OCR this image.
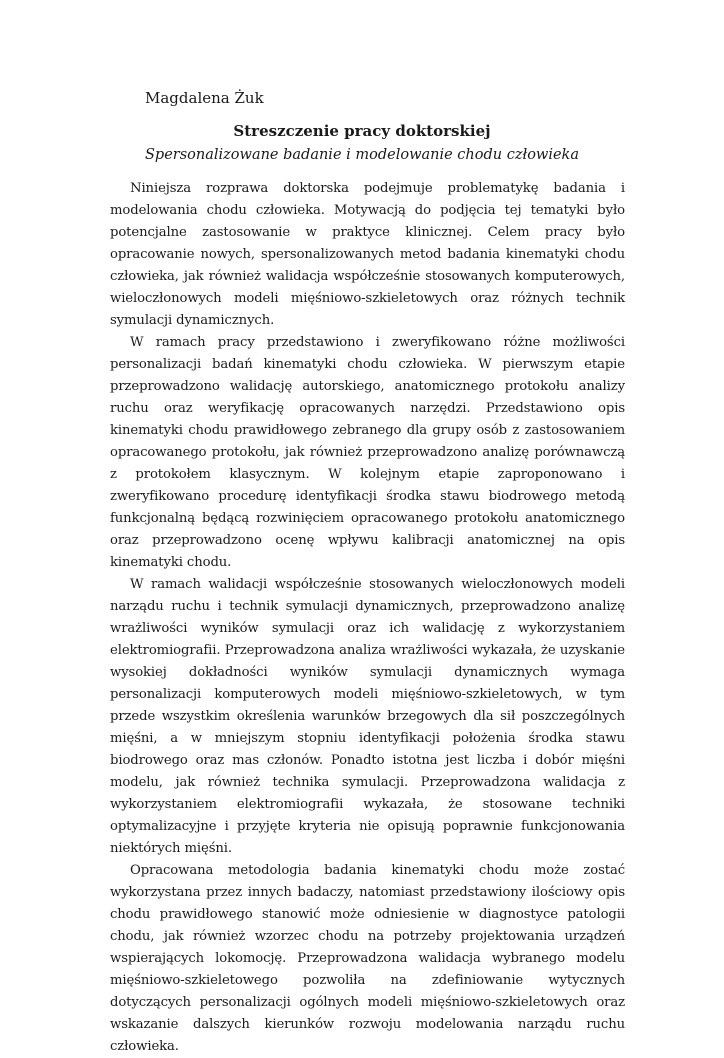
Magdalena Żuk

Streszczenie pracy doktorskiej

Spersonalizowane badanie i modelowanie chodu człowieka

Niniejsza rozprawa doktorska podejmuje problematykę badania i modelowania chodu człowieka. Motywacją do podjęcia tej tematyki było potencjalne zastosowanie w praktyce klinicznej. Celem pracy było opracowanie nowych, spersonalizowanych metod badania kinematyki chodu człowieka, jak również walidacja współcześnie stosowanych komputerowych, wieloczłonowych modeli mięśniowo-szkieletowych oraz różnych technik symulacji dynamicznych.

W ramach pracy przedstawiono i zweryfikowano różne możliwości personalizacji badań kinematyki chodu człowieka. W pierwszym etapie przeprowadzono walidację autorskiego, anatomicznego protokołu analizy ruchu oraz weryfikację opracowanych narzędzi. Przedstawiono opis kinematyki chodu prawidłowego zebranego dla grupy osób z zastosowaniem opracowanego protokołu, jak również przeprowadzono analizę porównawczą z protokołem klasycznym. W kolejnym etapie zaproponowano i zweryfikowano procedurę identyfikacji środka stawu biodrowego metodą funkcjonalną będącą rozwinięciem opracowanego protokołu anatomicznego oraz przeprowadzono ocenę wpływu kalibracji anatomicznej na opis kinematyki chodu.

W ramach walidacji współcześnie stosowanych wieloczłonowych modeli narządu ruchu i technik symulacji dynamicznych, przeprowadzono analizę wrażliwości wyników symulacji oraz ich walidację z wykorzystaniem elektromiografii. Przeprowadzona analiza wrażliwości wykazała, że uzyskanie wysokiej dokładności wyników symulacji dynamicznych wymaga personalizacji komputerowych modeli mięśniowo-szkieletowych, w tym przede wszystkim określenia warunków brzegowych dla sił poszczególnych mięśni, a w mniejszym stopniu identyfikacji położenia środka stawu biodrowego oraz mas członów. Ponadto istotna jest liczba i dobór mięśni modelu, jak również technika symulacji. Przeprowadzona walidacja z wykorzystaniem elektromiografii wykazała, że stosowane techniki optymalizacyjne i przyjęte kryteria nie opisują poprawnie funkcjonowania niektórych mięśni.

Opracowana metodologia badania kinematyki chodu może zostać wykorzystana przez innych badaczy, natomiast przedstawiony ilościowy opis chodu prawidłowego stanowić może odniesienie w diagnostyce patologii chodu, jak również wzorzec chodu na potrzeby projektowania urządzeń wspierających lokomocję. Przeprowadzona walidacja wybranego modelu mięśniowo-szkieletowego pozwoliła na zdefiniowanie wytycznych dotyczących personalizacji ogólnych modeli mięśniowo-szkieletowych oraz wskazanie dalszych kierunków rozwoju modelowania narządu ruchu człowieka.
